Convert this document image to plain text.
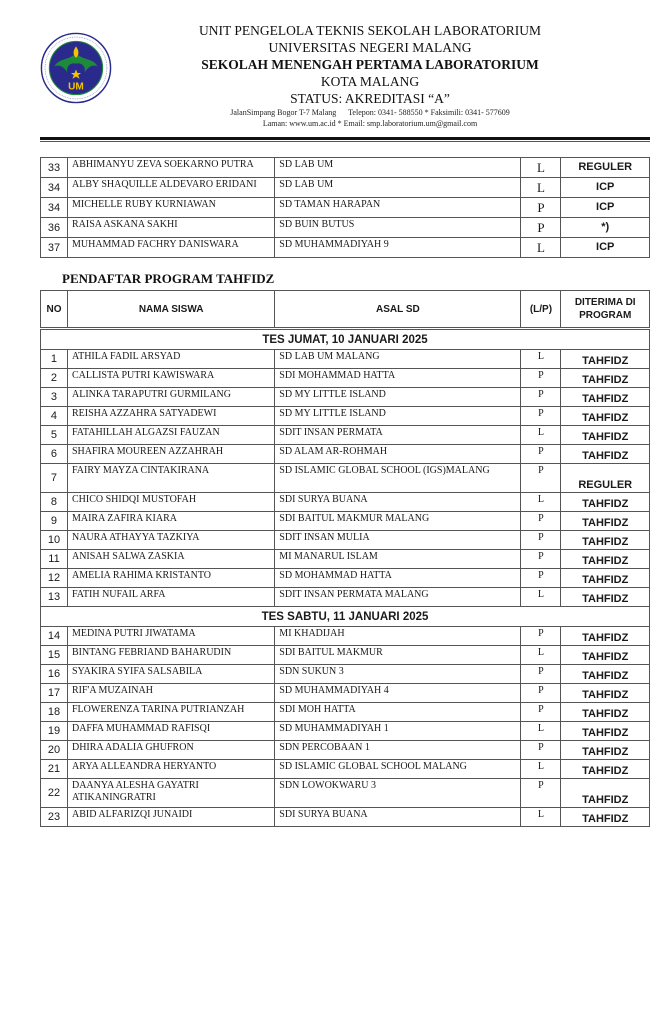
UM
UNIT PENGELOLA TEKNIS SEKOLAH LABORATORIUM
UNIVERSITAS NEGERI MALANG
SEKOLAH MENENGAH PERTAMA LABORATORIUM
KOTA MALANG
STATUS: AKREDITASI “A”
JalanSimpang Bogor T-7 Malang      Telepon: 0341- 588550 * Faksimili: 0341- 577609
Laman: www.um.ac.id * Email: smp.laboratorium.um@gmail.com
33	ABHIMANYU ZEVA SOEKARNO PUTRA	SD LAB UM	L	REGULER
34	ALBY SHAQUILLE ALDEVARO ERIDANI	SD LAB UM	L	ICP
34	MICHELLE RUBY KURNIAWAN	SD TAMAN HARAPAN	P	ICP
36	RAISA ASKANA SAKHI	SD BUIN BUTUS	P	*)
37	MUHAMMAD FACHRY DANISWARA	SD MUHAMMADIYAH 9	L	ICP
PENDAFTAR PROGRAM TAHFIDZ
NO	NAMA SISWA	ASAL SD	(L/P)	DITERIMA DI
PROGRAM

TES JUMAT, 10 JANUARI 2025				
1	ATHILA FADIL ARSYAD	SD LAB UM MALANG	L	TAHFIDZ
2	CALLISTA PUTRI KAWISWARA	SDI MOHAMMAD HATTA	P	TAHFIDZ
3	ALINKA TARAPUTRI GURMILANG	SD MY LITTLE ISLAND	P	TAHFIDZ
4	REISHA AZZAHRA SATYADEWI	SD MY LITTLE ISLAND	P	TAHFIDZ
5	FATAHILLAH ALGAZSI FAUZAN	SDIT INSAN PERMATA	L	TAHFIDZ
6	SHAFIRA MOUREEN AZZAHRAH	SD ALAM AR-ROHMAH	P	TAHFIDZ
7	FAIRY MAYZA CINTAKIRANA	SD ISLAMIC GLOBAL SCHOOL (IGS)MALANG	P	REGULER
8	CHICO SHIDQI MUSTOFAH	SDI SURYA BUANA	L	TAHFIDZ
9	MAIRA ZAFIRA KIARA	SDI BAITUL MAKMUR MALANG	P	TAHFIDZ
10	NAURA ATHAYYA TAZKIYA	SDIT INSAN MULIA	P	TAHFIDZ
11	ANISAH SALWA ZASKIA	MI MANARUL ISLAM	P	TAHFIDZ
12	AMELIA RAHIMA KRISTANTO	SD MOHAMMAD HATTA	P	TAHFIDZ
13	FATIH NUFAIL ARFA	SDIT INSAN PERMATA MALANG	L	TAHFIDZ
TES SABTU, 11 JANUARI 2025				
14	MEDINA PUTRI JIWATAMA	MI KHADIJAH	P	TAHFIDZ
15	BINTANG FEBRIAND BAHARUDIN	SDI BAITUL MAKMUR	L	TAHFIDZ
16	SYAKIRA SYIFA SALSABILA	SDN SUKUN 3	P	TAHFIDZ
17	RIF'A MUZAINAH	SD MUHAMMADIYAH 4	P	TAHFIDZ
18	FLOWERENZA TARINA PUTRIANZAH	SDI MOH HATTA	P	TAHFIDZ
19	DAFFA MUHAMMAD RAFISQI	SD MUHAMMADIYAH 1	L	TAHFIDZ
20	DHIRA ADALIA GHUFRON	SDN PERCOBAAN 1	P	TAHFIDZ
21	ARYA ALLEANDRA HERYANTO	SD ISLAMIC GLOBAL SCHOOL MALANG	L	TAHFIDZ
22	DAANYA ALESHA GAYATRI ATIKANINGRATRI	SDN LOWOKWARU 3	P	TAHFIDZ
23	ABID ALFARIZQI JUNAIDI	SDI SURYA BUANA	L	TAHFIDZ
